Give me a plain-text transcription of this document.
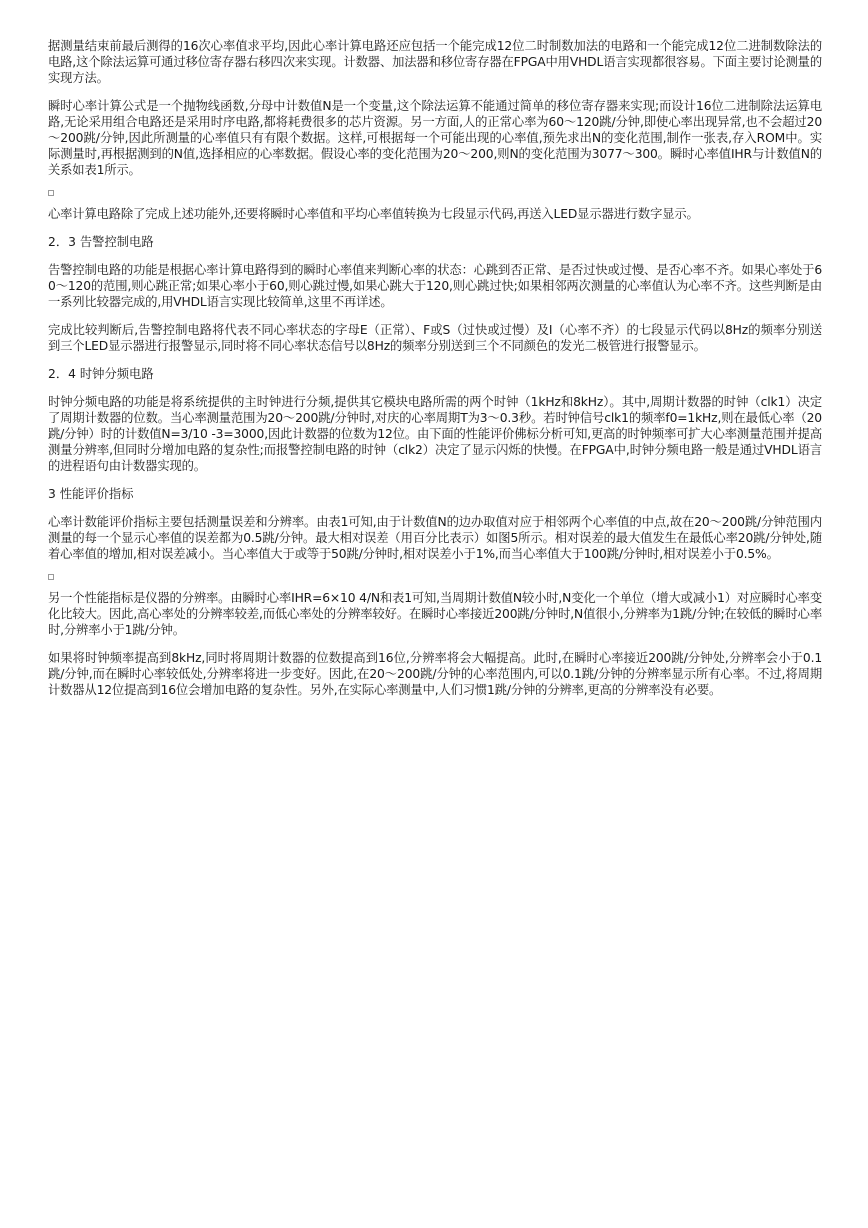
据测量结束前最后测得的16次心率值求平均,因此心率计算电路还应包括一个能完成12位二时制数加法的电路和一个能完成12位二进制数除法的电路,这个除法运算可通过移位寄存器右移四次来实现。计数器、加法器和移位寄存器在FPGA中用VHDL语言实现都很容易。下面主要讨论测量的实现方法。

瞬时心率计算公式是一个抛物线函数,分母中计数值N是一个变量,这个除法运算不能通过简单的移位寄存器来实现;而设计16位二进制除法运算电路,无论采用组合电路还是采用时序电路,都将耗费很多的芯片资源。另一方面,人的正常心率为60～120跳/分钟,即使心率出现异常,也不会超过20～200跳/分钟,因此所测量的心率值只有有限个数据。这样,可根据每一个可能出现的心率值,预先求出N的变化范围,制作一张表,存入ROM中。实际测量时,再根据测到的N值,选择相应的心率数据。假设心率的变化范围为20～200,则N的变化范围为3077～300。瞬时心率值IHR与计数值N的关系如表1所示。

心率计算电路除了完成上述功能外,还要将瞬时心率值和平均心率值转换为七段显示代码,再送入LED显示器进行数字显示。

2．3 告警控制电路

告警控制电路的功能是根据心率计算电路得到的瞬时心率值来判断心率的状态：心跳到否正常、是否过快或过慢、是否心率不齐。如果心率处于60～120的范围,则心跳正常;如果心率小于60,则心跳过慢,如果心跳大于120,则心跳过快;如果相邻两次测量的心率值认为心率不齐。这些判断是由一系列比较器完成的,用VHDL语言实现比较简单,这里不再详述。

完成比较判断后,告警控制电路将代表不同心率状态的字母E（正常）、F或S（过快或过慢）及I（心率不齐）的七段显示代码以8Hz的频率分别送到三个LED显示器进行报警显示,同时将不同心率状态信号以8Hz的频率分别送到三个不同颜色的发光二极管进行报警显示。

2．4 时钟分频电路

时钟分频电路的功能是将系统提供的主时钟进行分频,提供其它模块电路所需的两个时钟（1kHz和8kHz）。其中,周期计数器的时钟（clk1）决定了周期计数器的位数。当心率测量范围为20～200跳/分钟时,对庆的心率周期T为3～0.3秒。若时钟信号clk1的频率f0=1kHz,则在最低心率（20跳/分钟）时的计数值N=3/10 -3=3000,因此计数器的位数为12位。由下面的性能评价佛标分析可知,更高的时钟频率可扩大心率测量范围并提高测量分辨率,但同时分增加电路的复杂性;而报警控制电路的时钟（clk2）决定了显示闪烁的快慢。在FPGA中,时钟分频电路一般是通过VHDL语言的进程语句由计数器实现的。

3 性能评价指标

心率计数能评价指标主要包括测量误差和分辨率。由表1可知,由于计数值N的边办取值对应于相邻两个心率值的中点,故在20～200跳/分钟范围内测量的每一个显示心率值的误差都为0.5跳/分钟。最大相对误差（用百分比表示）如图5所示。相对误差的最大值发生在最低心率20跳/分钟处,随着心率值的增加,相对误差减小。当心率值大于或等于50跳/分钟时,相对误差小于1%,而当心率值大于100跳/分钟时,相对误差小于0.5%。

另一个性能指标是仪器的分辨率。由瞬时心率IHR=6×10 4/N和表1可知,当周期计数值N较小时,N变化一个单位（增大或减小1）对应瞬时心率变化比较大。因此,高心率处的分辨率较差,而低心率处的分辨率较好。在瞬时心率接近200跳/分钟时,N值很小,分辨率为1跳/分钟;在较低的瞬时心率时,分辨率小于1跳/分钟。

如果将时钟频率提高到8kHz,同时将周期计数器的位数提高到16位,分辨率将会大幅提高。此时,在瞬时心率接近200跳/分钟处,分辨率会小于0.1跳/分钟,而在瞬时心率较低处,分辨率将进一步变好。因此,在20～200跳/分钟的心率范围内,可以0.1跳/分钟的分辨率显示所有心率。不过,将周期计数器从12位提高到16位会增加电路的复杂性。另外,在实际心率测量中,人们习惯1跳/分钟的分辨率,更高的分辨率没有必要。
